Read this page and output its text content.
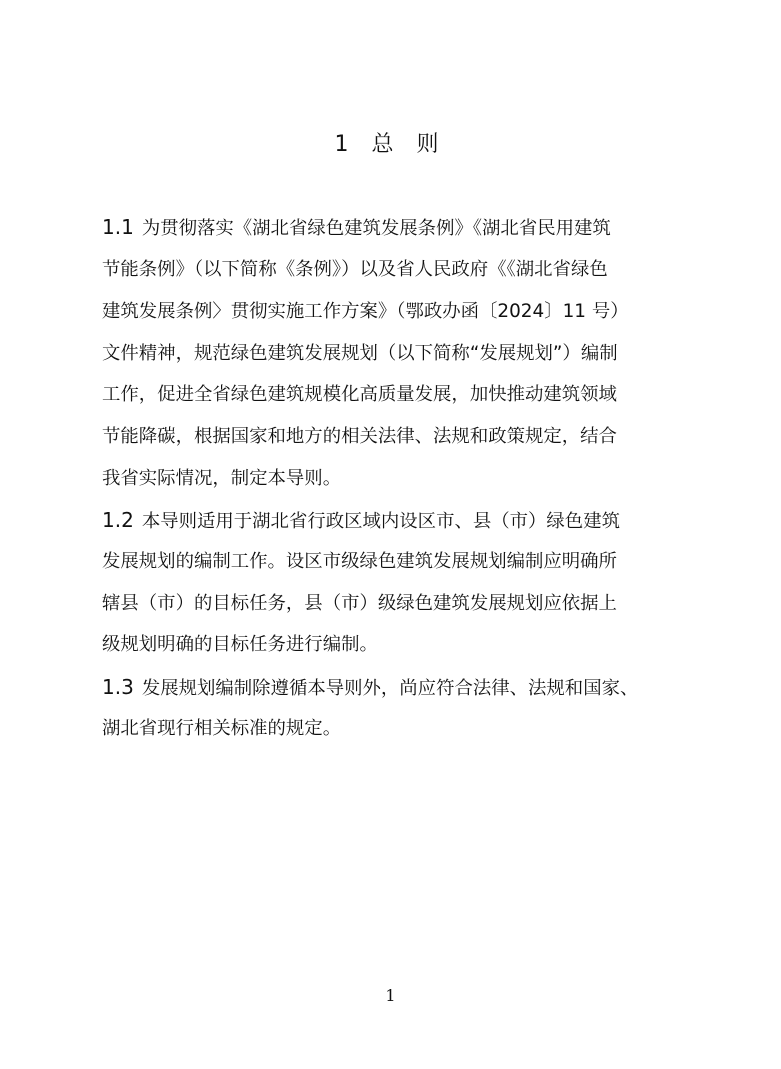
1 总 则
1.1 为贯彻落实《湖北省绿色建筑发展条例》《湖北省民用建筑
节能条例》（以下简称《条例》）以及省人民政府《《湖北省绿色
建筑发展条例〉贯彻实施工作方案》（鄂政办函〔2024〕11 号）
文件精神，规范绿色建筑发展规划（以下简称“发展规划”）编制
工作，促进全省绿色建筑规模化高质量发展，加快推动建筑领域
节能降碳，根据国家和地方的相关法律、法规和政策规定，结合
我省实际情况，制定本导则。
1.2 本导则适用于湖北省行政区域内设区市、县（市）绿色建筑
发展规划的编制工作。设区市级绿色建筑发展规划编制应明确所
辖县（市）的目标任务，县（市）级绿色建筑发展规划应依据上
级规划明确的目标任务进行编制。
1.3 发展规划编制除遵循本导则外，尚应符合法律、法规和国家、
湖北省现行相关标准的规定。
1
